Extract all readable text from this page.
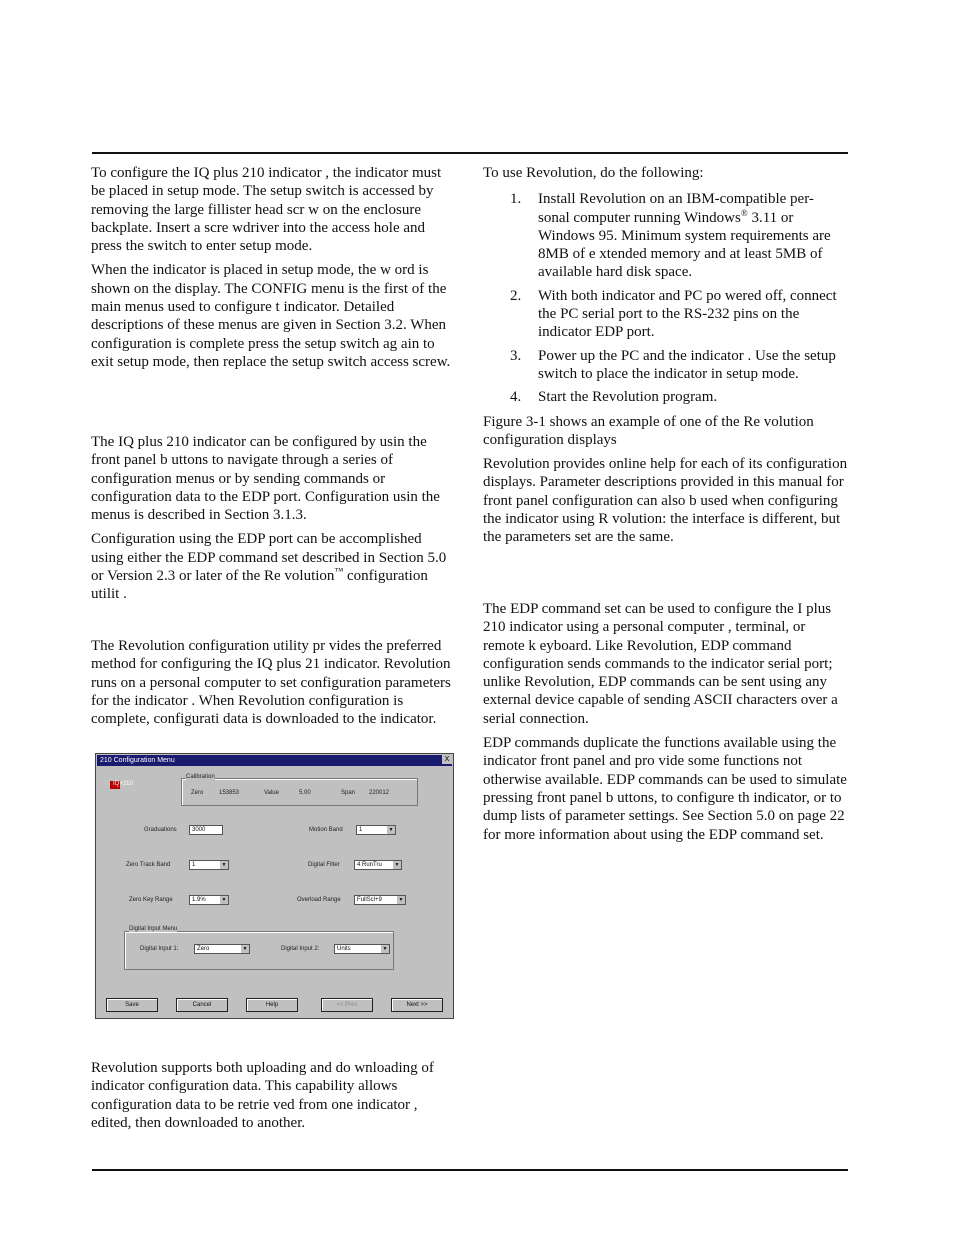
To configure the IQ plus 210 indicator , the indicator must be placed in setup mode. The setup switch is accessed by removing the large fillister head scr w on the enclosure backplate. Insert a scre wdriver into the access hole and press the switch to enter setup mode.

When the indicator is placed in setup mode, the w ord is shown on the display. The CONFIG menu is the first of the main menus used to configure t indicator. Detailed descriptions of these menus are given in Section 3.2. When configuration is complete press the setup switch ag ain to exit setup mode, then replace the setup switch access screw.

The IQ plus 210 indicator can be configured by usin the front panel b uttons to navigate through a series of configuration menus or by sending commands or configuration data to the EDP port. Configuration usin the menus is described in Section 3.1.3.

Configuration using the EDP port can be accomplished using either the EDP command set described in Section 5.0 or Version 2.3 or later of the Re volution™ configuration utilit .

The Revolution configuration utility pr vides the preferred method for configuring the IQ plus 21 indicator. Revolution runs on a personal computer to set configuration parameters for the indicator . When Revolution configuration is complete, configurati data is downloaded to the indicator.

210 Configuration Menu	X
IQ+210
Calibration
Zero	153853	Value	5.00	Span 220012
Graduations	3000	Motion Band	1	▼
Zero Track Band	1	▼	Digital Filter	4 RunTru	▼
Zero Key Range	1.9%	▼	Overload Range	FullScl+9	▼
Digital Input Menu
Digital Input 1:	Zero	▼	Digital Input 2:	Units	▼
Save	Cancel	Help	<< Prev	Next >>

Revolution supports both uploading and do wnloading of indicator configuration data. This capability allows configuration data to be retrie ved from one indicator , edited, then downloaded to another.

To use Revolution, do the following:

1. Install Revolution on an IBM-compatible per- sonal computer running Windows® 3.11 or Windows 95. Minimum system requirements are 8MB of e xtended memory and at least 5MB of available hard disk space.
2. With both indicator and PC po wered off, connect the PC serial port to the RS-232 pins on the indicator EDP port.
3. Power up the PC and the indicator . Use the setup switch to place the indicator in setup mode.
4. Start the Revolution program.

Figure 3-1 shows an example of one of the Re volution configuration displays

Revolution provides online help for each of its configuration displays. Parameter descriptions provided in this manual for front panel configuration can also b used when configuring the indicator using R volution: the interface is different, but the parameters set are the same.

The EDP command set can be used to configure the I plus 210 indicator using a personal computer , terminal, or remote k eyboard. Like Revolution, EDP command configuration sends commands to the indicator serial port; unlike Revolution, EDP commands can be sent using any external device capable of sending ASCII characters over a serial connection.

EDP commands duplicate the functions available using the indicator front panel and pro vide some functions not otherwise available. EDP commands can be used to simulate pressing front panel b uttons, to configure th indicator, or to dump lists of parameter settings. See Section 5.0 on page 22 for more information about using the EDP command set.
